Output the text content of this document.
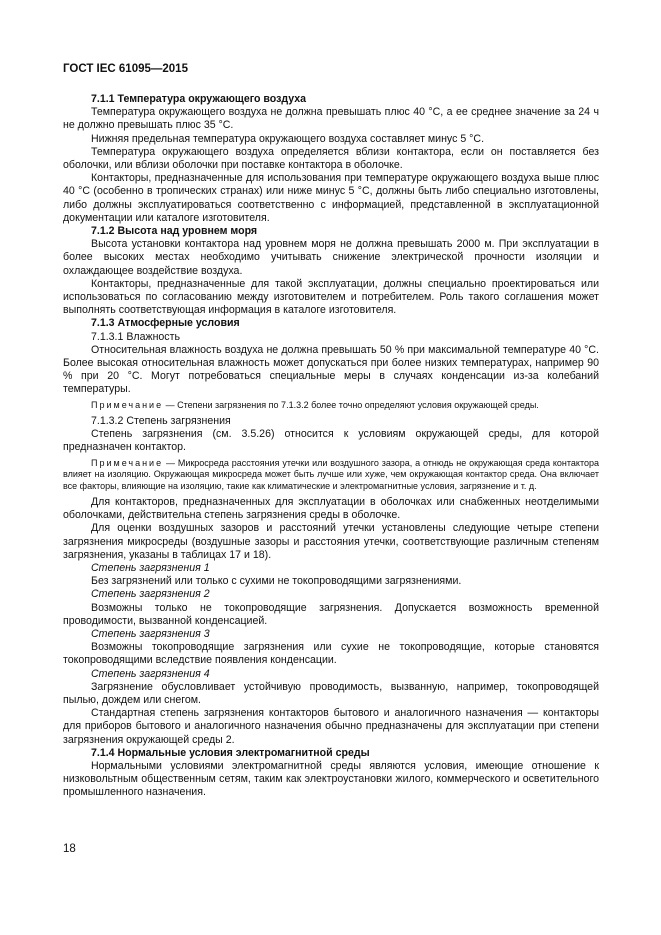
ГОСТ IEC 61095—2015

7.1.1 Температура окружающего воздуха

Температура окружающего воздуха не должна превышать плюс 40 °С, а ее среднее значение за 24 ч не должно превышать плюс 35 °С.

Нижняя предельная температура окружающего воздуха составляет минус 5 °С.

Температура окружающего воздуха определяется вблизи контактора, если он поставляется без оболочки, или вблизи оболочки при поставке контактора в оболочке.

Контакторы, предназначенные для использования при температуре окружающего воздуха выше плюс 40 °С (особенно в тропических странах) или ниже минус 5 °С, должны быть либо специально изготовлены, либо должны эксплуатироваться соответственно с информацией, представленной в эксплуатационной документации или каталоге изготовителя.

7.1.2 Высота над уровнем моря

Высота установки контактора над уровнем моря не должна превышать 2000 м. При эксплуатации в более высоких местах необходимо учитывать снижение электрической прочности изоляции и охлаждающее воздействие воздуха.

Контакторы, предназначенные для такой эксплуатации, должны специально проектироваться или использоваться по согласованию между изготовителем и потребителем. Роль такого соглашения может выполнять соответствующая информация в каталоге изготовителя.

7.1.3 Атмосферные условия

7.1.3.1 Влажность

Относительная влажность воздуха не должна превышать 50 % при максимальной температуре 40 °С. Более высокая относительная влажность может допускаться при более низких температурах, например 90 % при 20 °С. Могут потребоваться специальные меры в случаях конденсации из-за колебаний температуры.

Примечание — Степени загрязнения по 7.1.3.2 более точно определяют условия окружающей среды.

7.1.3.2 Степень загрязнения

Степень загрязнения (см. 3.5.26) относится к условиям окружающей среды, для которой предназначен контактор.

Примечание — Микросреда расстояния утечки или воздушного зазора, а отнюдь не окружающая среда контактора влияет на изоляцию. Окружающая микросреда может быть лучше или хуже, чем окружающая контактор среда. Она включает все факторы, влияющие на изоляцию, такие как климатические и электромагнитные условия, загрязнение и т. д.

Для контакторов, предназначенных для эксплуатации в оболочках или снабженных неотделимыми оболочками, действительна степень загрязнения среды в оболочке.

Для оценки воздушных зазоров и расстояний утечки установлены следующие четыре степени загрязнения микросреды (воздушные зазоры и расстояния утечки, соответствующие различным степеням загрязнения, указаны в таблицах 17 и 18).

Степень загрязнения 1

Без загрязнений или только с сухими не токопроводящими загрязнениями.

Степень загрязнения 2

Возможны только не токопроводящие загрязнения. Допускается возможность временной проводимости, вызванной конденсацией.

Степень загрязнения 3

Возможны токопроводящие загрязнения или сухие не токопроводящие, которые становятся токопроводящими вследствие появления конденсации.

Степень загрязнения 4

Загрязнение обусловливает устойчивую проводимость, вызванную, например, токопроводящей пылью, дождем или снегом.

Стандартная степень загрязнения контакторов бытового и аналогичного назначения — контакторы для приборов бытового и аналогичного назначения обычно предназначены для эксплуатации при степени загрязнения окружающей среды 2.

7.1.4 Нормальные условия электромагнитной среды

Нормальными условиями электромагнитной среды являются условия, имеющие отношение к низковольтным общественным сетям, таким как электроустановки жилого, коммерческого и осветительного промышленного назначения.

18
